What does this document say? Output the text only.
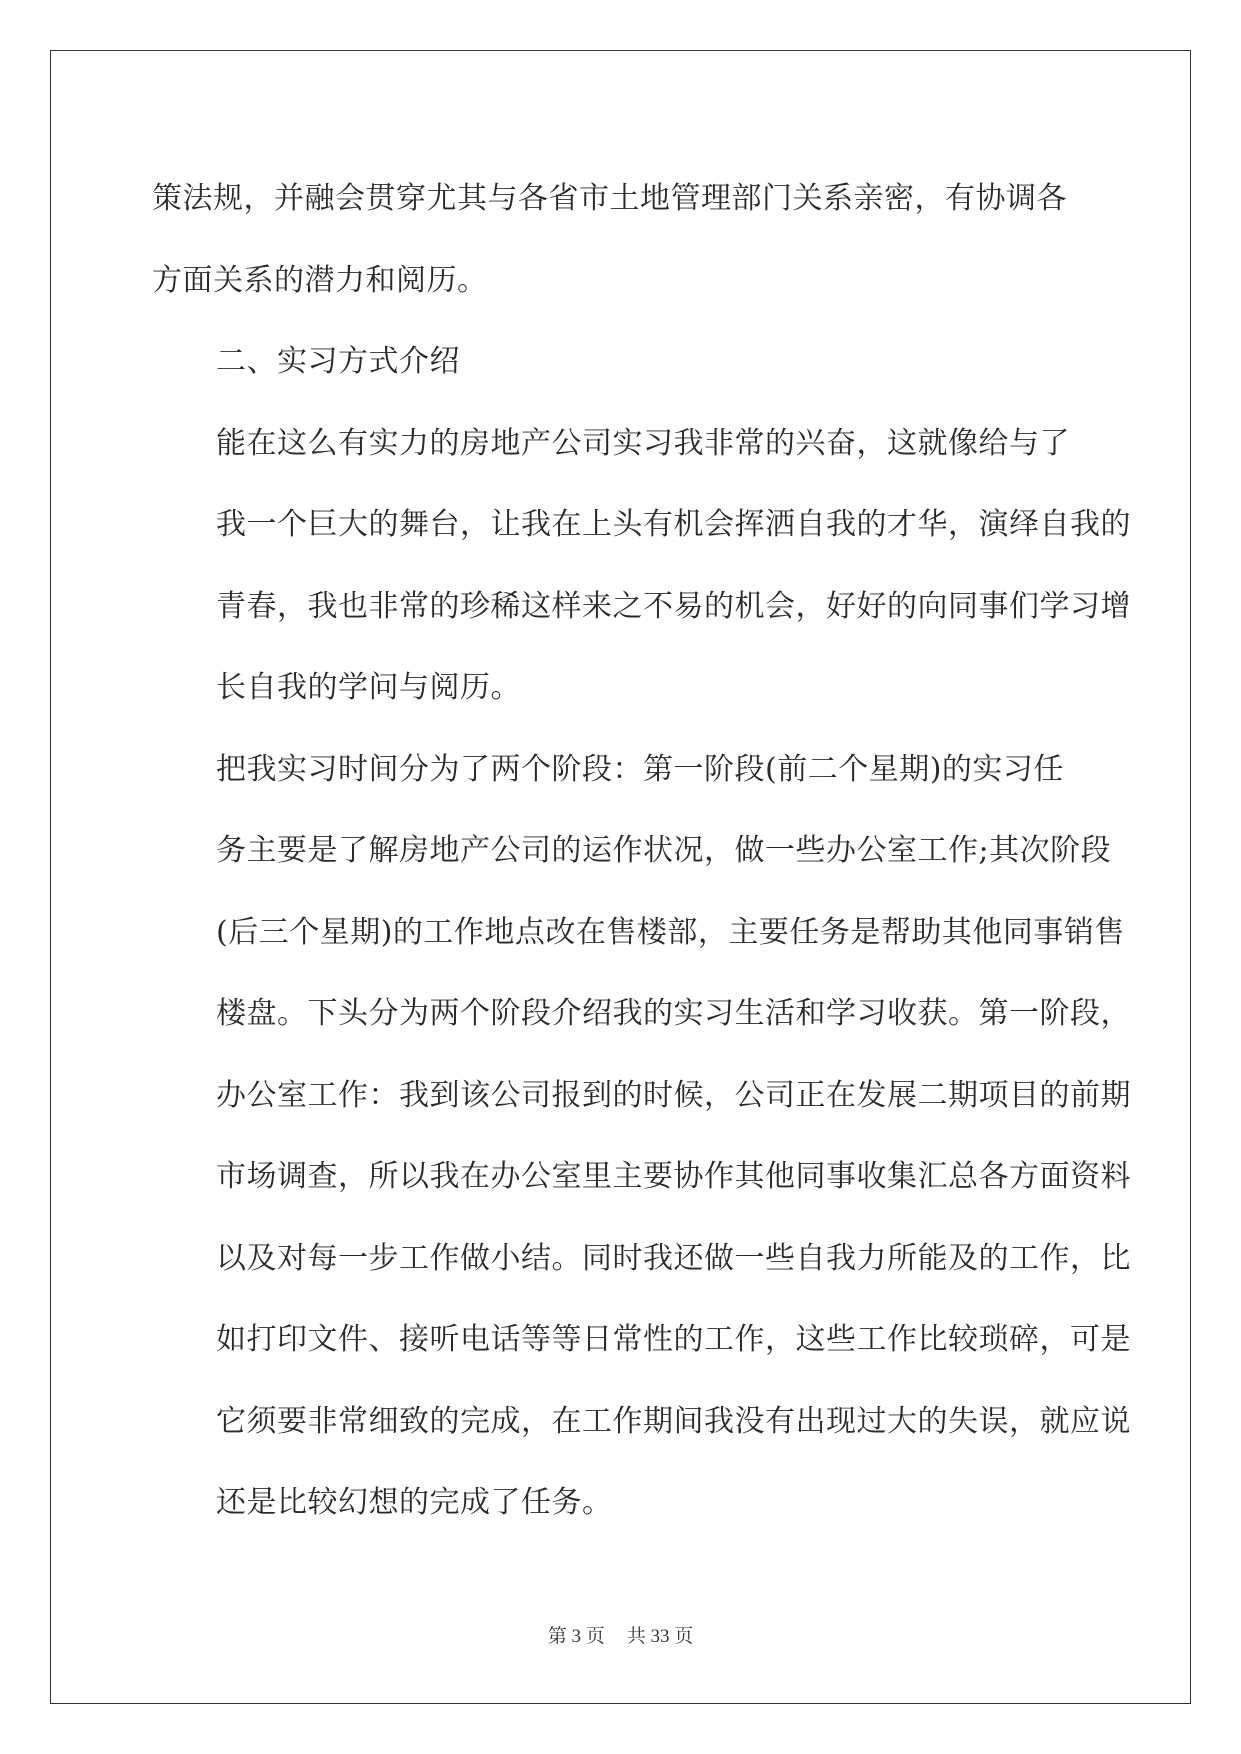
策法规，并融会贯穿尤其与各省市土地管理部门关系亲密，有协调各
方面关系的潜力和阅历。

二、实习方式介绍

能在这么有实力的房地产公司实习我非常的兴奋，这就像给与了
我一个巨大的舞台，让我在上头有机会挥洒自我的才华，演绎自我的
青春，我也非常的珍稀这样来之不易的机会，好好的向同事们学习增
长自我的学问与阅历。

把我实习时间分为了两个阶段：第一阶段(前二个星期)的实习任
务主要是了解房地产公司的运作状况，做一些办公室工作;其次阶段
(后三个星期)的工作地点改在售楼部，主要任务是帮助其他同事销售
楼盘。下头分为两个阶段介绍我的实习生活和学习收获。第一阶段，
办公室工作：我到该公司报到的时候，公司正在发展二期项目的前期
市场调查，所以我在办公室里主要协作其他同事收集汇总各方面资料
以及对每一步工作做小结。同时我还做一些自我力所能及的工作，比
如打印文件、接听电话等等日常性的工作，这些工作比较琐碎，可是
它须要非常细致的完成，在工作期间我没有出现过大的失误，就应说
还是比较幻想的完成了任务。

第 3 页 共 33 页
